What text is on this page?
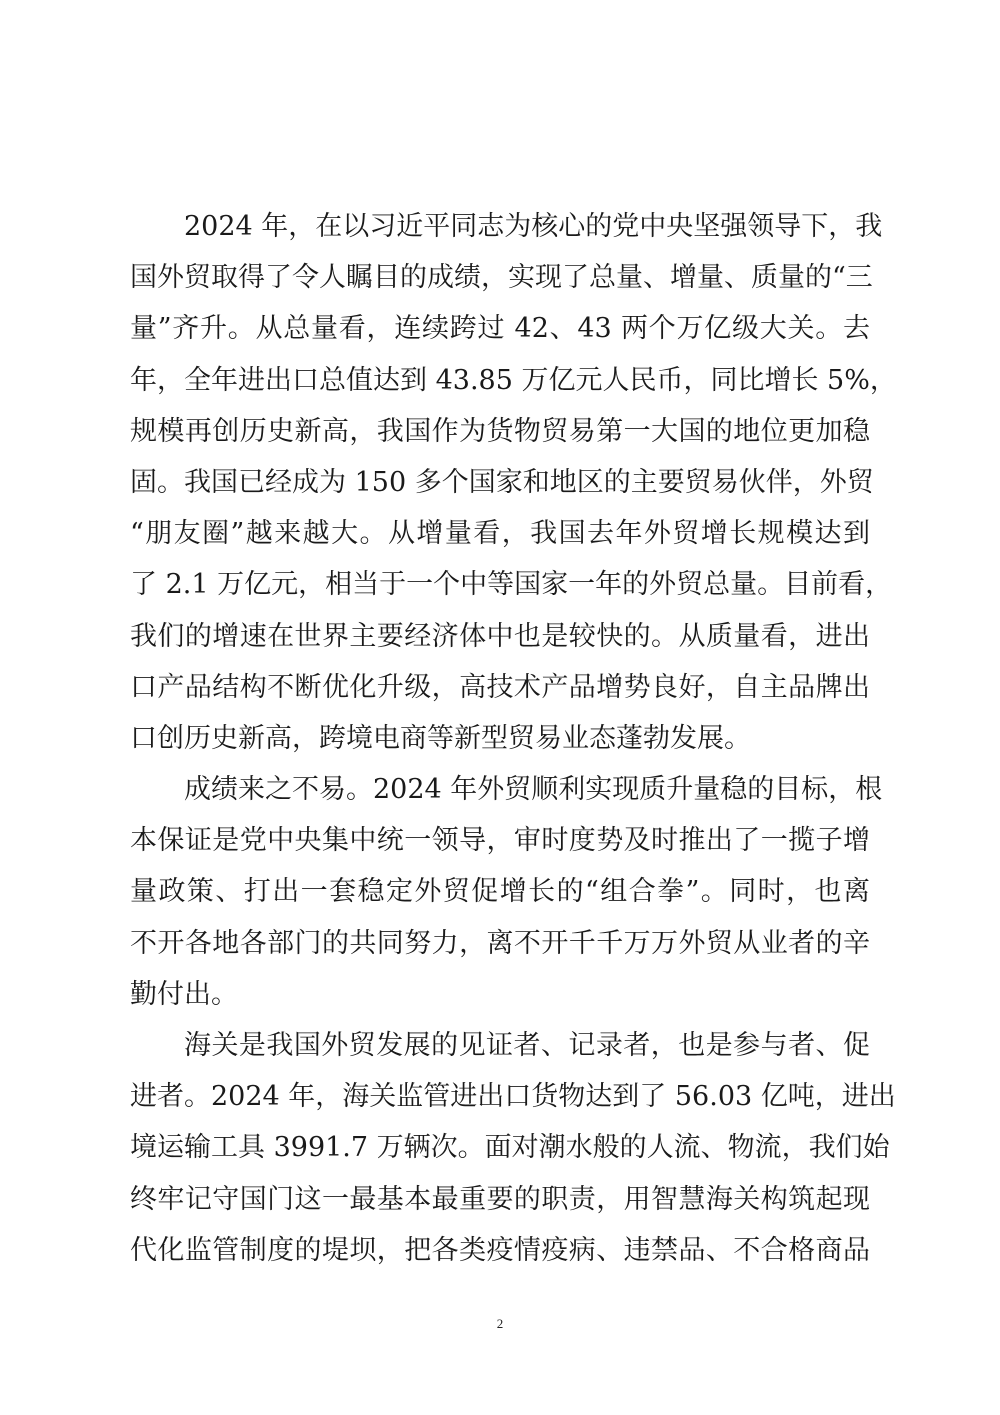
2024 年，在以习近平同志为核心的党中央坚强领导下，我
国外贸取得了令人瞩目的成绩，实现了总量、增量、质量的“三
量”齐升。从总量看，连续跨过 42、43 两个万亿级大关。去
年，全年进出口总值达到 43.85 万亿元人民币，同比增长 5%，
规模再创历史新高，我国作为货物贸易第一大国的地位更加稳
固。我国已经成为 150 多个国家和地区的主要贸易伙伴，外贸
“朋友圈”越来越大。从增量看，我国去年外贸增长规模达到
了 2.1 万亿元，相当于一个中等国家一年的外贸总量。目前看，
我们的增速在世界主要经济体中也是较快的。从质量看，进出
口产品结构不断优化升级，高技术产品增势良好，自主品牌出
口创历史新高，跨境电商等新型贸易业态蓬勃发展。
成绩来之不易。2024 年外贸顺利实现质升量稳的目标，根
本保证是党中央集中统一领导，审时度势及时推出了一揽子增
量政策、打出一套稳定外贸促增长的“组合拳”。同时，也离
不开各地各部门的共同努力，离不开千千万万外贸从业者的辛
勤付出。
海关是我国外贸发展的见证者、记录者，也是参与者、促
进者。2024 年，海关监管进出口货物达到了 56.03 亿吨，进出
境运输工具 3991.7 万辆次。面对潮水般的人流、物流，我们始
终牢记守国门这一最基本最重要的职责，用智慧海关构筑起现
代化监管制度的堤坝，把各类疫情疫病、违禁品、不合格商品
2
